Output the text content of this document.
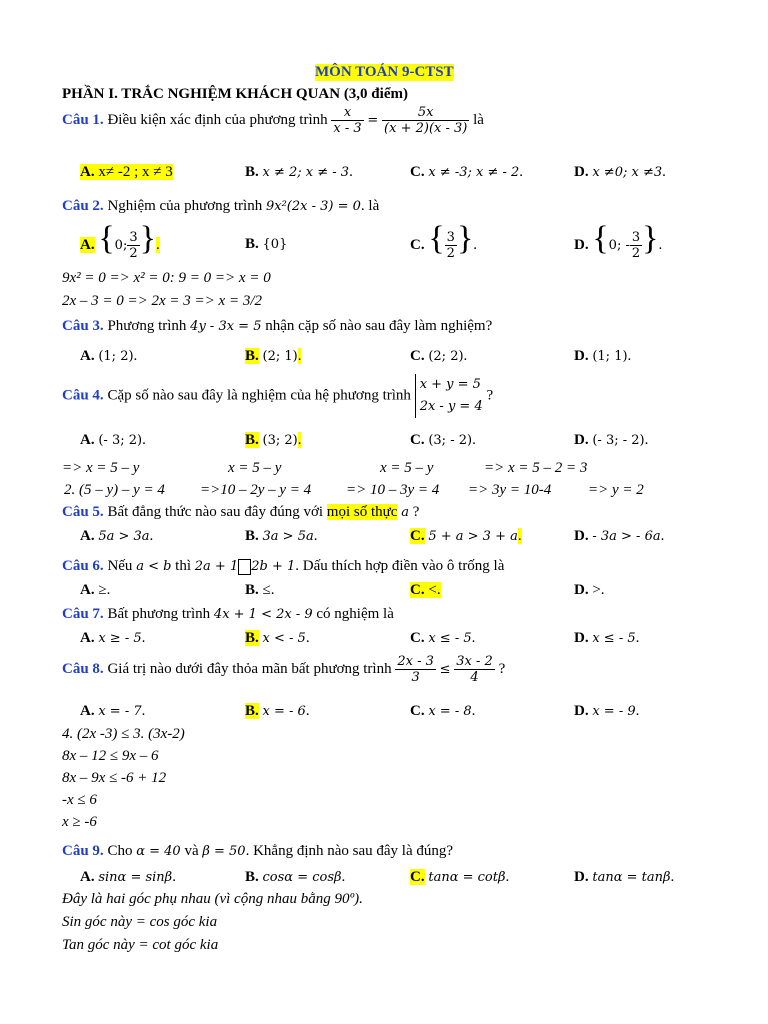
MÔN TOÁN 9-CTST
PHẦN I. TRẮC NGHIỆM KHÁCH QUAN (3,0 điểm)
Câu 1. Điều kiện xác định của phương trình $\frac{x}{x - 3} = \frac{5x}{(x + 2)(x - 3)}$ là
A. x≠ -2 ; x ≠ 3	B. x ≠ 2; x ≠ - 3.	C. x ≠ -3; x ≠ - 2.	D. x ≠0; x ≠3.
Câu 2. Nghiệm của phương trình 9x²(2x - 3) = 0. là
A. {0; $\frac{3}{2}$ }.	B. {0}	C. { $\frac{3}{2}$ }.	D. {0; - $\frac{3}{2}$ }.
9x² = 0 => x² = 0: 9 = 0 => x = 0
2x – 3 = 0 => 2x = 3 => x = 3/2
Câu 3. Phương trình 4y - 3x = 5 nhận cặp số nào sau đây làm nghiệm?
A. (1; 2).	B. (2; 1).	C. (2; 2).	D. (1; 1).
Câu 4. Cặp số nào sau đây là nghiệm của hệ phương trình x + y = 5
2x - y = 4 ?
A. (- 3; 2).	B. (3; 2).	C. (3; - 2).	D. (- 3; - 2).
=> x = 5 – y	x = 5 – y	x = 5 – y	=> x = 5 – 2 = 3
2. (5 – y) – y = 4 =>10 – 2y – y = 4 => 10 – 3y = 4 => 3y = 10-4 => y = 2
Câu 5. Bất đẳng thức nào sau đây đúng với mọi số thực a ?
A. 5a > 3a.	B. 3a > 5a.	C. 5 + a > 3 + a.	D. - 3a > - 6a.
Câu 6. Nếu a < b thì 2a + 1 2b + 1. Dấu thích hợp điền vào ô trống là
A. ≥.	B. ≤.	C. <.	D. >.
Câu 7. Bất phương trình 4x + 1 < 2x - 9 có nghiệm là
A. x ≥ - 5.	B. x < - 5.	C. x ≤ - 5.	D. x ≤ - 5.
Câu 8. Giá trị nào dưới đây thỏa mãn bất phương trình $\frac{2x - 3}{3} \le \frac{3x - 2}{4}$ ?
A. x = - 7.	B. x = - 6.	C. x = - 8.	D. x = - 9.
4. (2x -3) ≤ 3. (3x-2)
8x – 12 ≤ 9x – 6
8x – 9x ≤ -6 + 12
-x ≤ 6
x ≥ -6
Câu 9. Cho α = 40 và β = 50. Khẳng định nào sau đây là đúng?
A. sinα = sinβ.	B. cosα = cosβ.	C. tanα = cotβ.	D. tanα = tanβ.
Đây là hai góc phụ nhau (vì cộng nhau bằng 90º).
Sin góc này = cos góc kia
Tan góc này = cot góc kia
